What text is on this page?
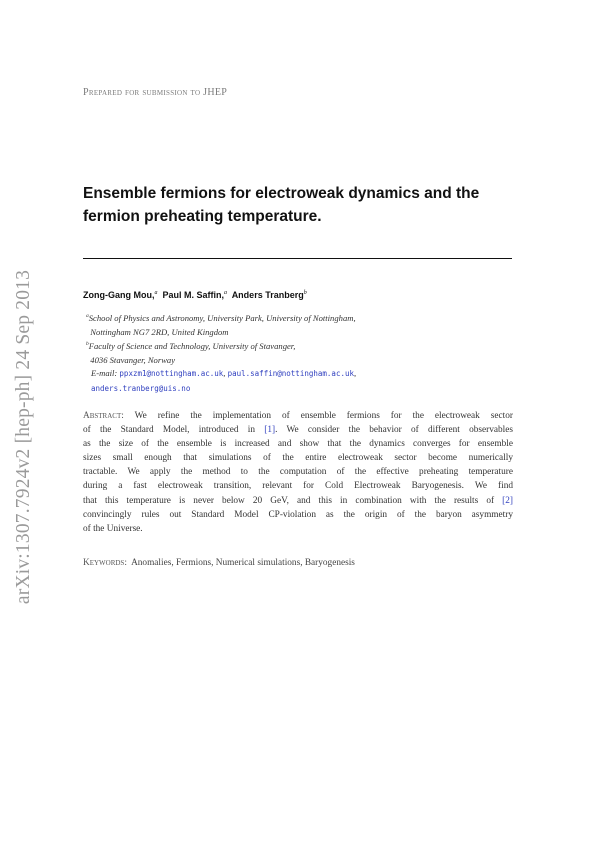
arXiv:1307.7924v2 [hep-ph] 24 Sep 2013
Prepared for submission to JHEP
Ensemble fermions for electroweak dynamics and the
fermion preheating temperature.
Zong-Gang Mou,$^a$ Paul M. Saffin,$^a$ Anders Tranberg$^b$
$^a$School of Physics and Astronomy, University Park, University of Nottingham,
Nottingham NG7 2RD, United Kingdom
$^b$Faculty of Science and Technology, University of Stavanger,
4036 Stavanger, Norway
E-mail: ppxzm1@nottingham.ac.uk, paul.saffin@nottingham.ac.uk,
anders.tranberg@uis.no
Abstract: We refine the implementation of ensemble fermions for the electroweak sector
of the Standard Model, introduced in [1]. We consider the behavior of different observables
as the size of the ensemble is increased and show that the dynamics converges for ensemble
sizes small enough that simulations of the entire electroweak sector become numerically
tractable. We apply the method to the computation of the effective preheating temperature
during a fast electroweak transition, relevant for Cold Electroweak Baryogenesis. We find
that this temperature is never below 20 GeV, and this in combination with the results of [2]
convincingly rules out Standard Model CP-violation as the origin of the baryon asymmetry
of the Universe.
Keywords: Anomalies, Fermions, Numerical simulations, Baryogenesis
